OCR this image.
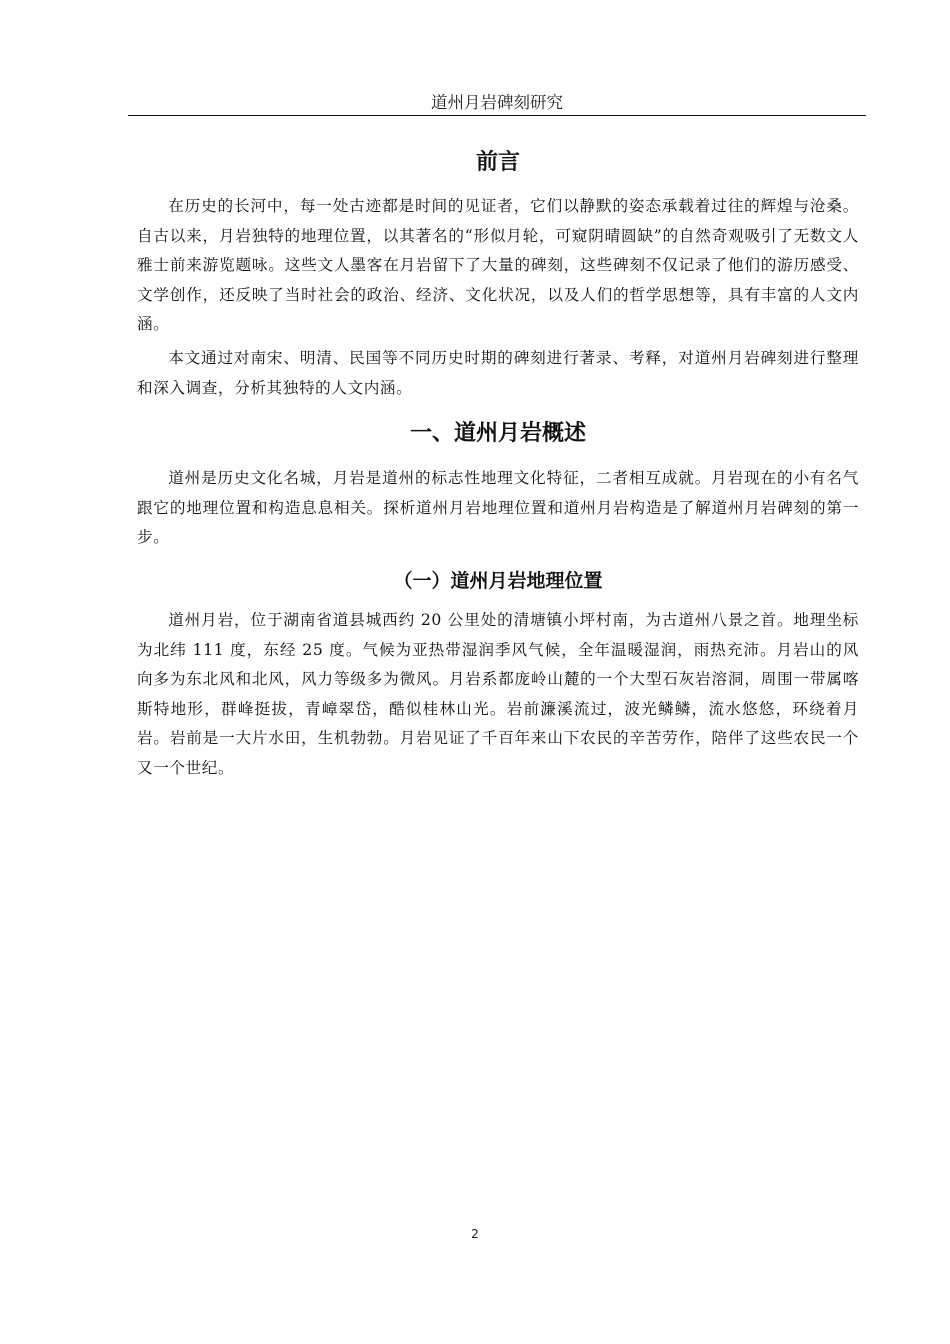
道州月岩碑刻研究
前言

在历史的长河中，每一处古迹都是时间的见证者，它们以静默的姿态承载着过往的辉煌与沧桑。自古以来，月岩独特的地理位置，以其著名的“形似月轮，可窥阴晴圆缺”的自然奇观吸引了无数文人雅士前来游览题咏。这些文人墨客在月岩留下了大量的碑刻，这些碑刻不仅记录了他们的游历感受、文学创作，还反映了当时社会的政治、经济、文化状况，以及人们的哲学思想等，具有丰富的人文内涵。

本文通过对南宋、明清、民国等不同历史时期的碑刻进行著录、考释，对道州月岩碑刻进行整理和深入调查，分析其独特的人文内涵。

一、道州月岩概述

道州是历史文化名城，月岩是道州的标志性地理文化特征，二者相互成就。月岩现在的小有名气跟它的地理位置和构造息息相关。探析道州月岩地理位置和道州月岩构造是了解道州月岩碑刻的第一步。

（一）道州月岩地理位置

道州月岩，位于湖南省道县城西约 20 公里处的清塘镇小坪村南，为古道州八景之首。地理坐标为北纬 111 度，东经 25 度。气候为亚热带湿润季风气候，全年温暖湿润，雨热充沛。月岩山的风向多为东北风和北风，风力等级多为微风。月岩系都庞岭山麓的一个大型石灰岩溶洞，周围一带属喀斯特地形，群峰挺拔，青嶂翠岱，酷似桂林山光。岩前濂溪流过，波光鳞鳞，流水悠悠，环绕着月岩。岩前是一大片水田，生机勃勃。月岩见证了千百年来山下农民的辛苦劳作，陪伴了这些农民一个又一个世纪。

2
